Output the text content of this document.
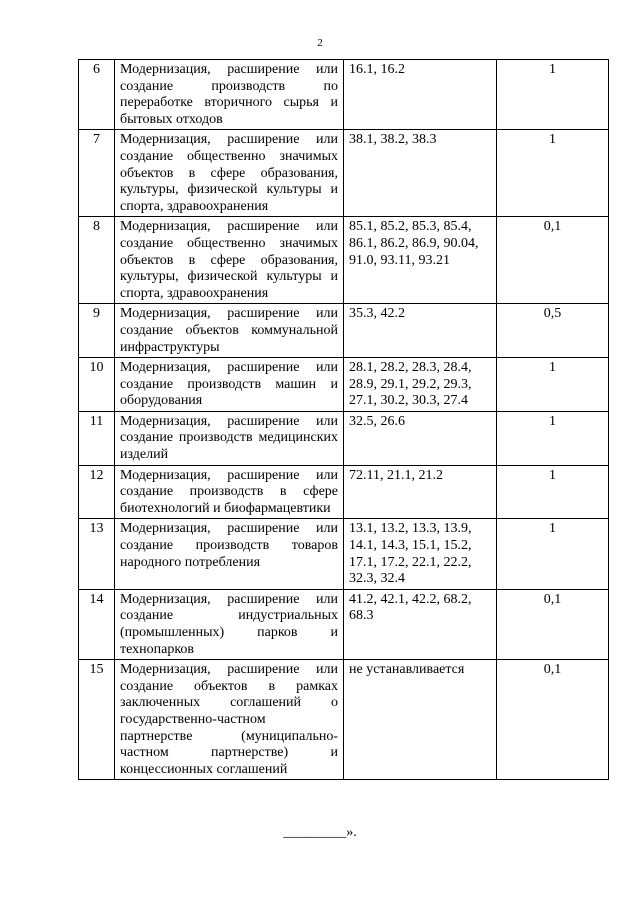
2
6	Модернизация, расширение или создание производств по переработке вторичного сырья и бытовых отходов	16.1, 16.2	1
7	Модернизация, расширение или создание общественно значимых объектов в сфере образования, культуры, физической культуры и спорта, здравоохранения	38.1, 38.2, 38.3	1
8	Модернизация, расширение или создание общественно значимых объектов в сфере образования, культуры, физической культуры и спорта, здравоохранения	85.1, 85.2, 85.3, 85.4, 86.1, 86.2, 86.9, 90.04, 91.0, 93.11, 93.21	0,1
9	Модернизация, расширение или создание объектов коммунальной инфраструктуры	35.3, 42.2	0,5
10	Модернизация, расширение или создание производств машин и оборудования	28.1, 28.2, 28.3, 28.4, 28.9, 29.1, 29.2, 29.3, 27.1, 30.2, 30.3, 27.4	1
11	Модернизация, расширение или создание производств медицинских изделий	32.5, 26.6	1
12	Модернизация, расширение или создание производств в сфере биотехнологий и биофармацевтики	72.11, 21.1, 21.2	1
13	Модернизация, расширение или создание производств товаров народного потребления	13.1, 13.2, 13.3, 13.9, 14.1, 14.3, 15.1, 15.2, 17.1, 17.2, 22.1, 22.2, 32.3, 32.4	1
14	Модернизация, расширение или создание индустриальных (промышленных) парков и технопарков	41.2, 42.1, 42.2, 68.2, 68.3	0,1
15	Модернизация, расширение или создание объектов в рамках заключенных соглашений о государственно-частном партнерстве (муниципально-частном партнерстве) и концессионных соглашений	не устанавливается	0,1
_________».
